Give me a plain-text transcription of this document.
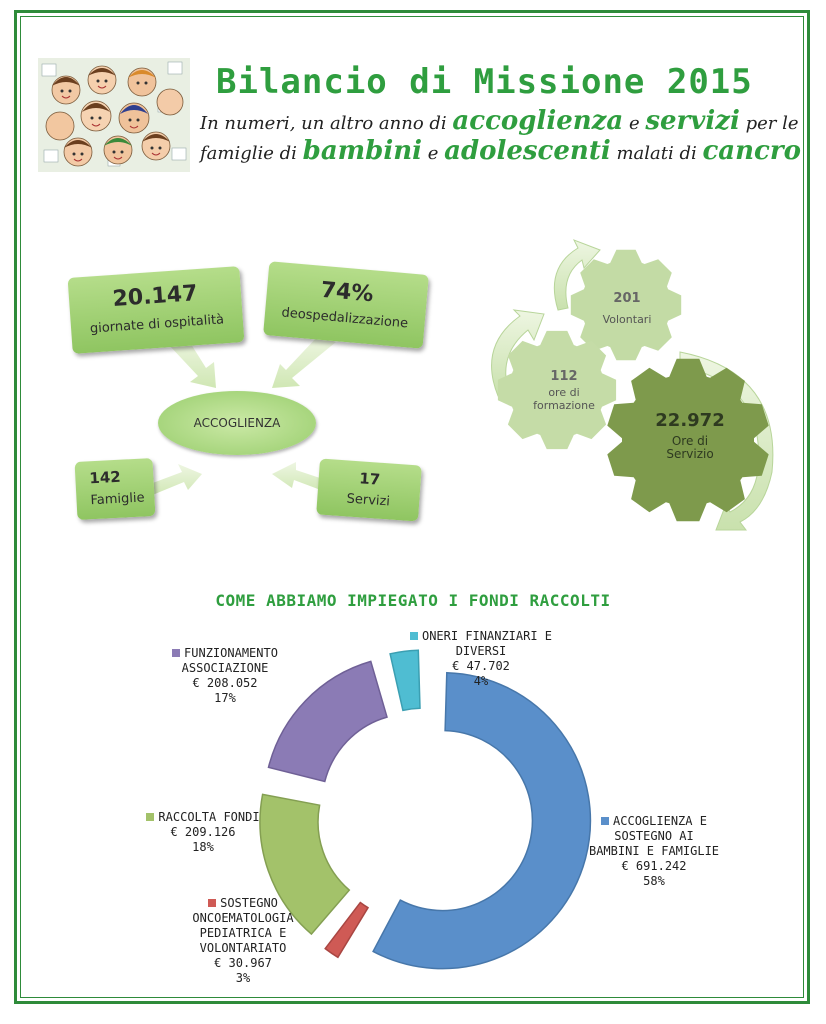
Bilancio di Missione 2015
In numeri, un altro anno di accoglienza e servizi per le
famiglie di bambini e adolescenti malati di cancro
20.147
giornate di ospitalità
74%
deospedalizzazione
ACCOGLIENZA
142
Famiglie
17
Servizi
201
Volontari
112
ore di
formazione
22.972
Ore di
Servizio
COME ABBIAMO IMPIEGATO I FONDI RACCOLTI
ONERI FINANZIARI E
DIVERSI
€ 47.702
4%
FUNZIONAMENTO
ASSOCIAZIONE
€ 208.052
17%
RACCOLTA FONDI
€ 209.126
18%
ACCOGLIENZA E
SOSTEGNO AI
BAMBINI E FAMIGLIE
€ 691.242
58%
SOSTEGNO
ONCOEMATOLOGIA
PEDIATRICA E
VOLONTARIATO
€ 30.967
3%
